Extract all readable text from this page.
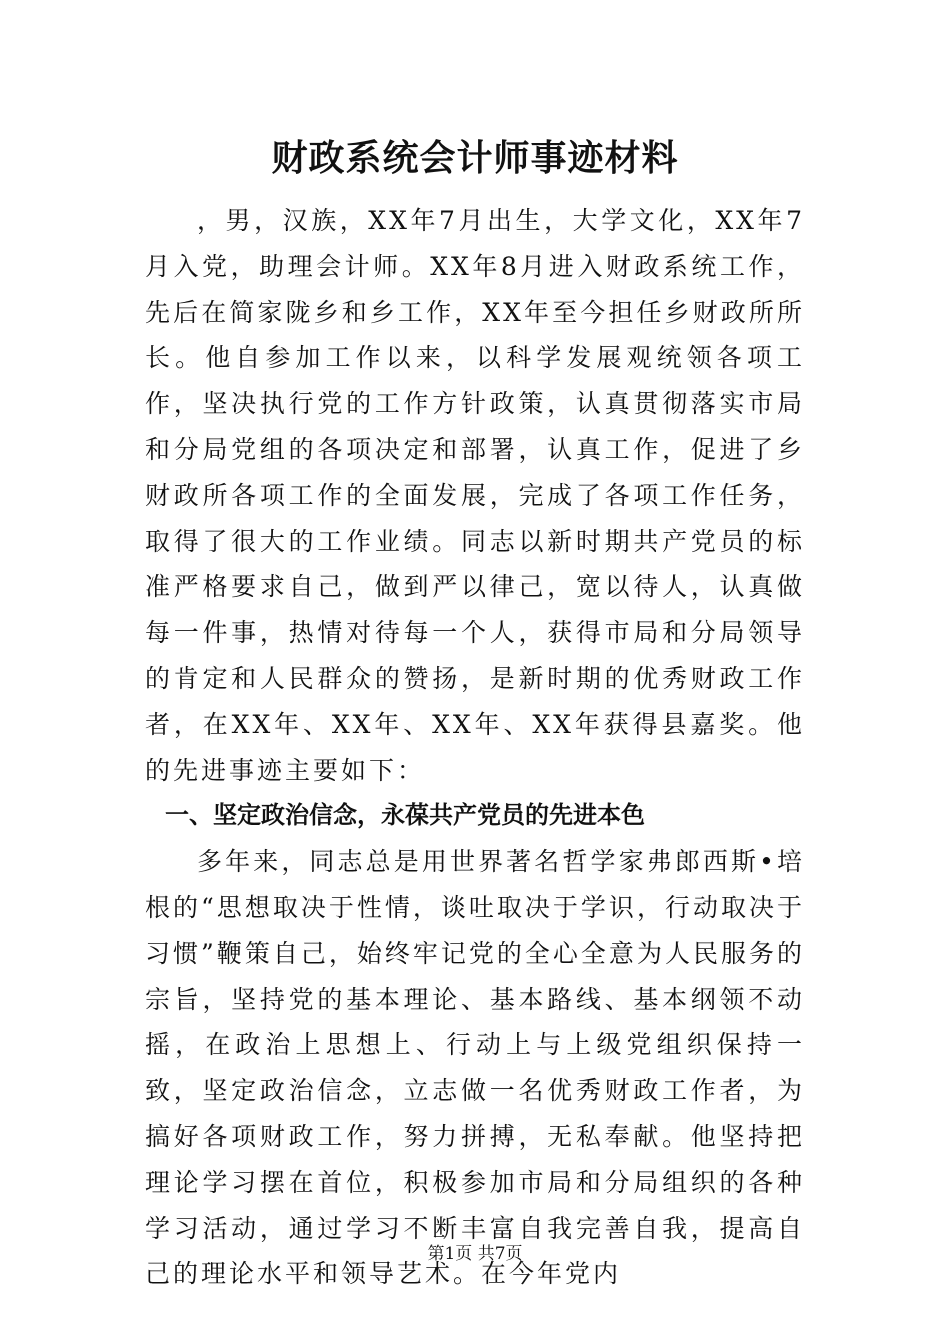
财政系统会计师事迹材料

，男，汉族，XX年7月出生，大学文化，XX年7月入党，助理会计师。XX年8月进入财政系统工作，先后在简家陇乡和乡工作，XX年至今担任乡财政所所长。他自参加工作以来，以科学发展观统领各项工作，坚决执行党的工作方针政策，认真贯彻落实市局和分局党组的各项决定和部署，认真工作，促进了乡财政所各项工作的全面发展，完成了各项工作任务，取得了很大的工作业绩。同志以新时期共产党员的标准严格要求自己，做到严以律己，宽以待人，认真做每一件事，热情对待每一个人，获得市局和分局领导的肯定和人民群众的赞扬，是新时期的优秀财政工作者，在XX年、XX年、XX年、XX年获得县嘉奖。他的先进事迹主要如下：

一、坚定政治信念，永葆共产党员的先进本色

多年来，同志总是用世界著名哲学家弗郎西斯•培根的“思想取决于性情，谈吐取决于学识，行动取决于习惯”鞭策自己，始终牢记党的全心全意为人民服务的宗旨，坚持党的基本理论、基本路线、基本纲领不动摇，在政治上思想上、行动上与上级党组织保持一致，坚定政治信念，立志做一名优秀财政工作者，为搞好各项财政工作，努力拼搏，无私奉献。他坚持把理论学习摆在首位，积极参加市局和分局组织的各种学习活动，通过学习不断丰富自我完善自我，提高自己的理论水平和领导艺术。在今年党内

第1页 共7页
